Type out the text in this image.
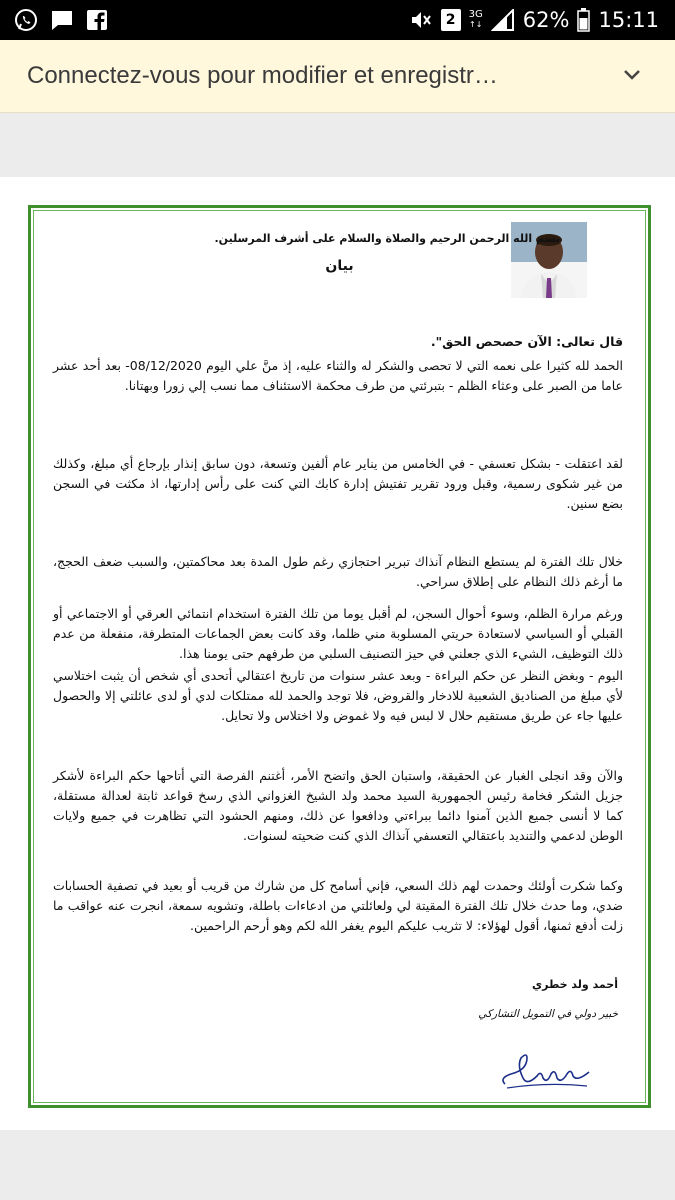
2 3G
↑↓ 62% 15:11
Connectez-vous pour modifier et enregistr…
بسم الله الرحمن الرحيم والصلاة والسلام على أشرف المرسلين.
بيان
قال تعالى: الآن حصحص الحق".
الحمد لله كثيرا على نعمه التي لا تحصى والشكر له والثناء عليه، إذ منَّ علي اليوم 08/12/2020- بعد أحد عشر عاما من الصبر على وعثاء الظلم - بتبرئتي من طرف محكمة الاستئناف مما نسب إلي زورا وبهتانا.
لقد اعتقلت - بشكل تعسفي - في الخامس من يناير عام ألفين وتسعة، دون سابق إنذار بإرجاع أي مبلغ، وكذلك من غير شكوى رسمية، وقبل ورود تقرير تفتيش إدارة كابك التي كنت على رأس إدارتها، اذ مكثت في السجن بضع سنين.
خلال تلك الفترة لم يستطع النظام آنذاك تبرير احتجازي رغم طول المدة بعد محاكمتين، والسبب ضعف الحجج، ما أرغم ذلك النظام على إطلاق سراحي.
ورغم مرارة الظلم، وسوء أحوال السجن، لم أقبل يوما من تلك الفترة استخدام انتمائي العرقي أو الاجتماعي أو القبلي أو السياسي لاستعادة حريتي المسلوبة مني ظلما، وقد كانت بعض الجماعات المتطرفة، منفعلة من عدم ذلك التوظيف، الشيء الذي جعلني في حيز التصنيف السلبي من طرفهم حتى يومنا هذا.
اليوم - وبغض النظر عن حكم البراءة - وبعد عشر سنوات من تاريخ اعتقالي أتحدى أي شخص أن يثبت اختلاسي لأي مبلغ من الصناديق الشعبية للادخار والقروض، فلا توجد والحمد لله ممتلكات لدي أو لدى عائلتي إلا والحصول عليها جاء عن طريق مستقيم حلال لا لبس فيه ولا غموض ولا اختلاس ولا تحايل.
والآن وقد انجلى الغبار عن الحقيقة، واستبان الحق واتضح الأمر، أغتنم الفرصة التي أتاحها حكم البراءة لأشكر جزيل الشكر فخامة رئيس الجمهورية السيد محمد ولد الشيخ الغزواني الذي رسخ قواعد ثابتة لعدالة مستقلة، كما لا أنسى جميع الذين آمنوا دائما ببراءتي ودافعوا عن ذلك، ومنهم الحشود التي تظاهرت في جميع ولايات الوطن لدعمي والتنديد باعتقالي التعسفي آنذاك الذي كنت ضحيته لسنوات.
وكما شكرت أولئك وحمدت لهم ذلك السعي، فإني أسامح كل من شارك من قريب أو بعيد في تصفية الحسابات ضدي، وما حدث خلال تلك الفترة المقيتة لي ولعائلتي من ادعاءات باطلة، وتشويه سمعة، انجرت عنه عواقب ما زلت أدفع ثمنها، أقول لهؤلاء: لا تثريب عليكم اليوم يغفر الله لكم وهو أرحم الراحمين.
أحمد ولد خطري
خبير دولي في التمويل التشاركي
